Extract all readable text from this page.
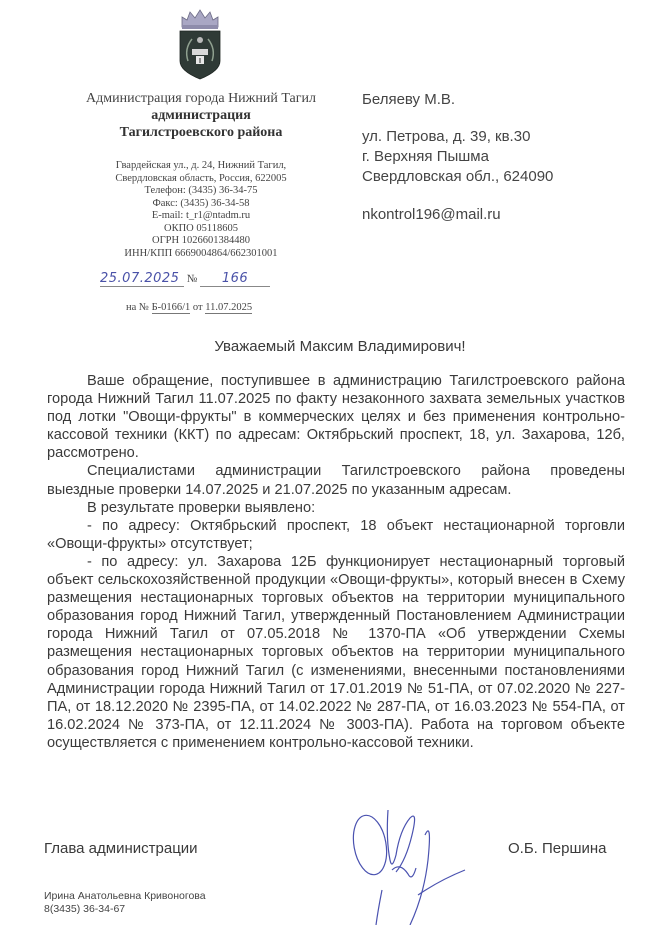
Администрация города Нижний Тагил
администрация
Тагилстроевского района
Гвардейская ул., д. 24, Нижний Тагил,
Свердловская область, Россия, 622005
Телефон: (3435) 36-34-75
Факс: (3435) 36-34-58
E-mail: t_r1@ntadm.ru
ОКПО 05118605
ОГРН 1026601384480
ИНН/КПП 6669004864/662301001
25.07.2025 № 166
на № Б-0166/1 от 11.07.2025
Беляеву М.В.
ул. Петрова, д. 39, кв.30
г. Верхняя Пышма
Свердловская обл., 624090
nkontrol196@mail.ru
Уважаемый Максим Владимирович!

Ваше обращение, поступившее в администрацию Тагилстроевского района города Нижний Тагил 11.07.2025 по факту незаконного захвата земельных участков под лотки "Овощи-фрукты" в коммерческих целях и без применения контрольно-кассовой техники (ККТ) по адресам: Октябрьский проспект, 18, ул. Захарова, 12б, рассмотрено.

Специалистами администрации Тагилстроевского района проведены выездные проверки 14.07.2025 и 21.07.2025 по указанным адресам.

В результате проверки выявлено:

- по адресу: Октябрьский проспект, 18 объект нестационарной торговли «Овощи-фрукты» отсутствует;

- по адресу: ул. Захарова 12Б функционирует нестационарный торговый объект сельскохозяйственной продукции «Овощи-фрукты», который внесен в Схему размещения нестационарных торговых объектов на территории муниципального образования город Нижний Тагил, утвержденный Постановлением Администрации города Нижний Тагил от 07.05.2018 № 1370-ПА «Об утверждении Схемы размещения нестационарных торговых объектов на территории муниципального образования город Нижний Тагил (с изменениями, внесенными постановлениями Администрации города Нижний Тагил от 17.01.2019 № 51-ПА, от 07.02.2020 № 227-ПА, от 18.12.2020 № 2395-ПА, от 14.02.2022 № 287-ПА, от 16.03.2023 № 554-ПА, от 16.02.2024 № 373-ПА, от 12.11.2024 № 3003-ПА). Работа на торговом объекте осуществляется с применением контрольно-кассовой техники.

Глава администрации	О.Б. Першина
Ирина Анатольевна Кривоногова
8(3435) 36-34-67
